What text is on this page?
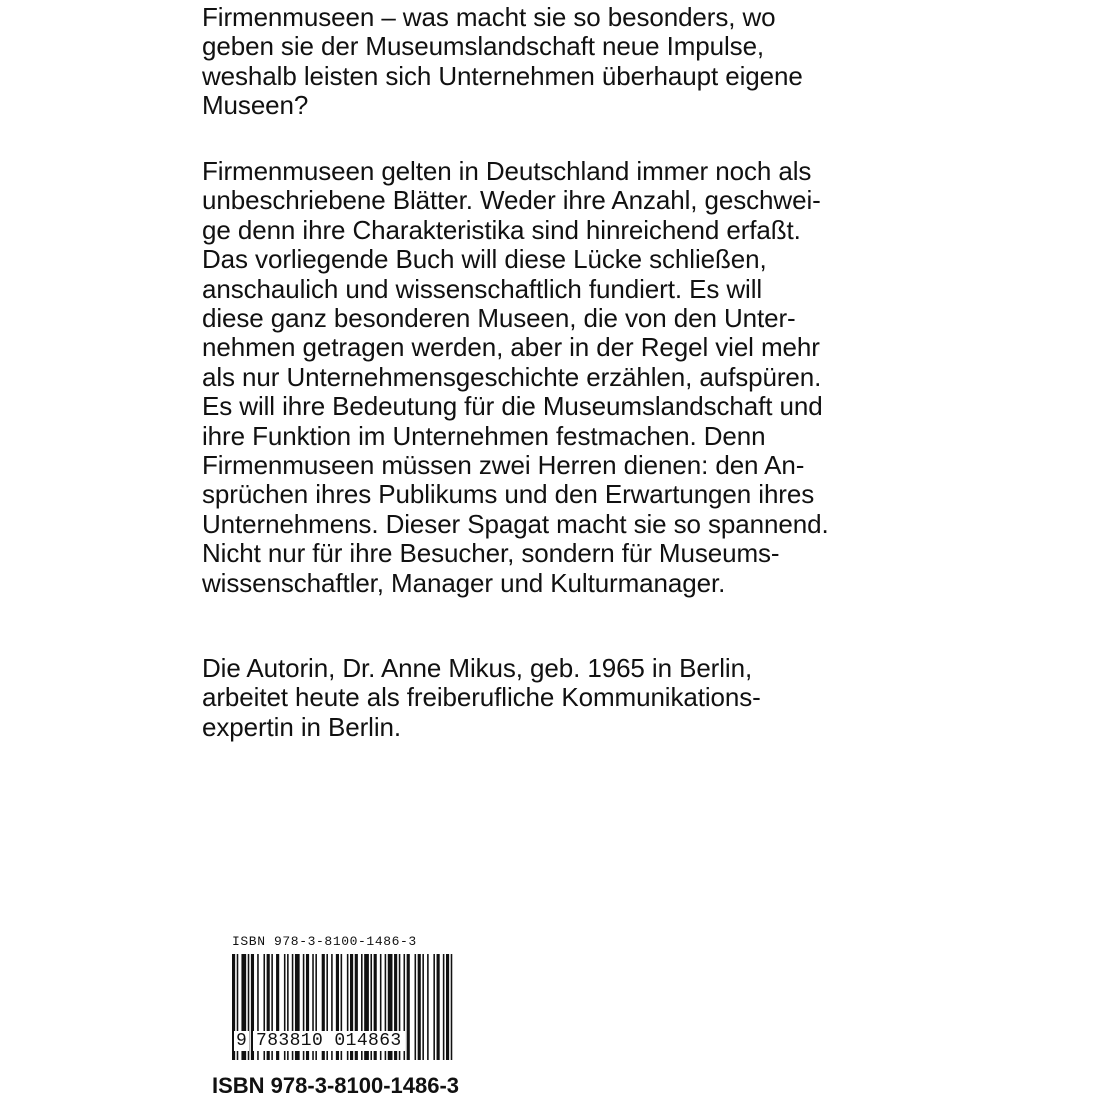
Firmenmuseen – was macht sie so besonders, wo
geben sie der Museumslandschaft neue Impulse,
weshalb leisten sich Unternehmen überhaupt eigene
Museen?
Firmenmuseen gelten in Deutschland immer noch als
unbeschriebene Blätter. Weder ihre Anzahl, geschwei-
ge denn ihre Charakteristika sind hinreichend erfaßt.
Das vorliegende Buch will diese Lücke schließen,
anschaulich und wissenschaftlich fundiert. Es will
diese ganz besonderen Museen, die von den Unter-
nehmen getragen werden, aber in der Regel viel mehr
als nur Unternehmensgeschichte erzählen, aufspüren.
Es will ihre Bedeutung für die Museumslandschaft und
ihre Funktion im Unternehmen festmachen. Denn
Firmenmuseen müssen zwei Herren dienen: den An-
sprüchen ihres Publikums und den Erwartungen ihres
Unternehmens. Dieser Spagat macht sie so spannend.
Nicht nur für ihre Besucher, sondern für Museums-
wissenschaftler, Manager und Kulturmanager.
Die Autorin, Dr. Anne Mikus, geb. 1965 in Berlin,
arbeitet heute als freiberufliche Kommunikations-
expertin in Berlin.
ISBN 978-3-8100-1486-3
9 783810 014863
ISBN 978-3-8100-1486-3
